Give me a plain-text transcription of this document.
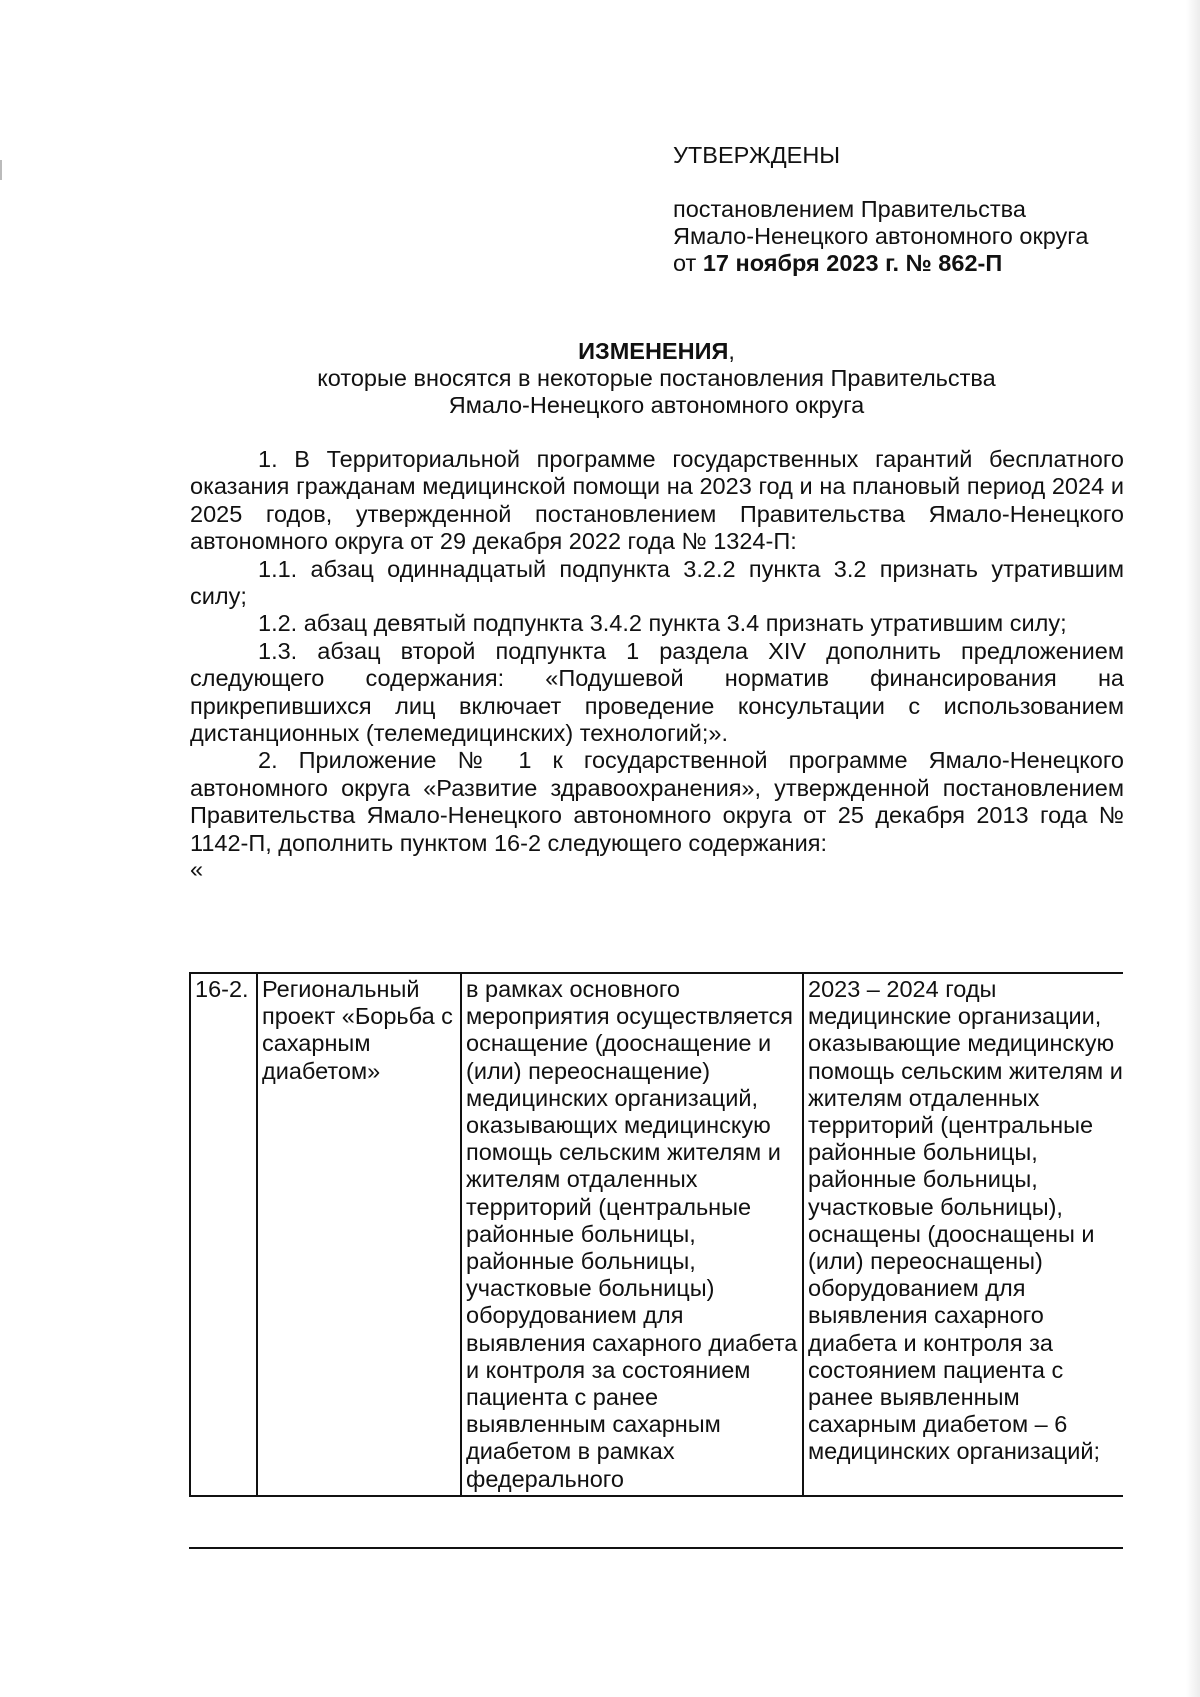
УТВЕРЖДЕНЫ
постановлением Правительства
Ямало-Ненецкого автономного округа
от 17 ноября 2023 г. № 862-П
ИЗМЕНЕНИЯ,
которые вносятся в некоторые постановления Правительства
Ямало-Ненецкого автономного округа

1. В Территориальной программе государственных гарантий бесплатного оказания гражданам медицинской помощи на 2023 год и на плановый период 2024 и 2025 годов, утвержденной постановлением Правительства Ямало-Ненецкого автономного округа от 29 декабря 2022 года № 1324-П:

1.1. абзац одиннадцатый подпункта 3.2.2 пункта 3.2 признать утратившим силу;

1.2. абзац девятый подпункта 3.4.2 пункта 3.4 признать утратившим силу;

1.3. абзац второй подпункта 1 раздела XIV дополнить предложением следующего содержания: «Подушевой норматив финансирования на прикрепившихся лиц включает проведение консультации с использованием дистанционных (телемедицинских) технологий;».

2. Приложение № 1 к государственной программе Ямало-Ненецкого автономного округа «Развитие здравоохранения», утвержденной постановлением Правительства Ямало-Ненецкого автономного округа от 25 декабря 2013 года № 1142-П, дополнить пунктом 16-2 следующего содержания:

«

16-2.	Региональный проект «Борьба с сахарным диабетом»	в рамках основного мероприятия осуществляется оснащение (дооснащение и (или) переоснащение) медицинских организаций, оказывающих медицинскую помощь сельским жителям и жителям отдаленных территорий (центральные районные больницы, районные больницы, участковые больницы) оборудованием для выявления сахарного диабета и контроля за состоянием пациента с ранее выявленным сахарным диабетом в рамках федерального	2023 – 2024 годы медицинские организации, оказывающие медицинскую помощь сельским жителям и жителям отдаленных территорий (центральные районные больницы, районные больницы, участковые больницы), оснащены (дооснащены и (или) переоснащены) оборудованием для выявления сахарного диабета и контроля за состоянием пациента с ранее выявленным сахарным диабетом – 6 медицинских организаций;
